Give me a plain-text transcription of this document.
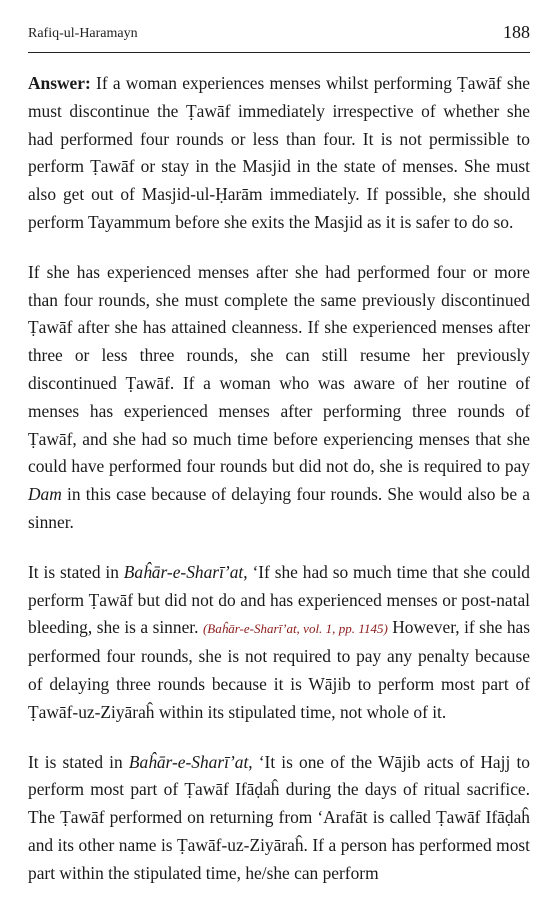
Rafiq-ul-Haramayn	188

Answer: If a woman experiences menses whilst performing Ṭawāf she must discontinue the Ṭawāf immediately irrespective of whether she had performed four rounds or less than four. It is not permissible to perform Ṭawāf or stay in the Masjid in the state of menses. She must also get out of Masjid-ul-Ḥarām immediately. If possible, she should perform Tayammum before she exits the Masjid as it is safer to do so.

If she has experienced menses after she had performed four or more than four rounds, she must complete the same previously discontinued Ṭawāf after she has attained cleanness. If she experienced menses after three or less three rounds, she can still resume her previously discontinued Ṭawāf. If a woman who was aware of her routine of menses has experienced menses after performing three rounds of Ṭawāf, and she had so much time before experiencing menses that she could have performed four rounds but did not do, she is required to pay Dam in this case because of delaying four rounds. She would also be a sinner.

It is stated in Baĥār-e-Sharī’at, ‘If she had so much time that she could perform Ṭawāf but did not do and has experienced menses or post-natal bleeding, she is a sinner. (Baĥār-e-Sharī’at, vol. 1, pp. 1145) However, if she has performed four rounds, she is not required to pay any penalty because of delaying three rounds because it is Wājib to perform most part of Ṭawāf-uz-Ziyāraĥ within its stipulated time, not whole of it.

It is stated in Baĥār-e-Sharī’at, ‘It is one of the Wājib acts of Hajj to perform most part of Ṭawāf Ifāḍaĥ during the days of ritual sacrifice. The Ṭawāf performed on returning from ‘Arafāt is called Ṭawāf Ifāḍaĥ and its other name is Ṭawāf-uz-Ziyāraĥ. If a person has performed most part within the stipulated time, he/she can perform
